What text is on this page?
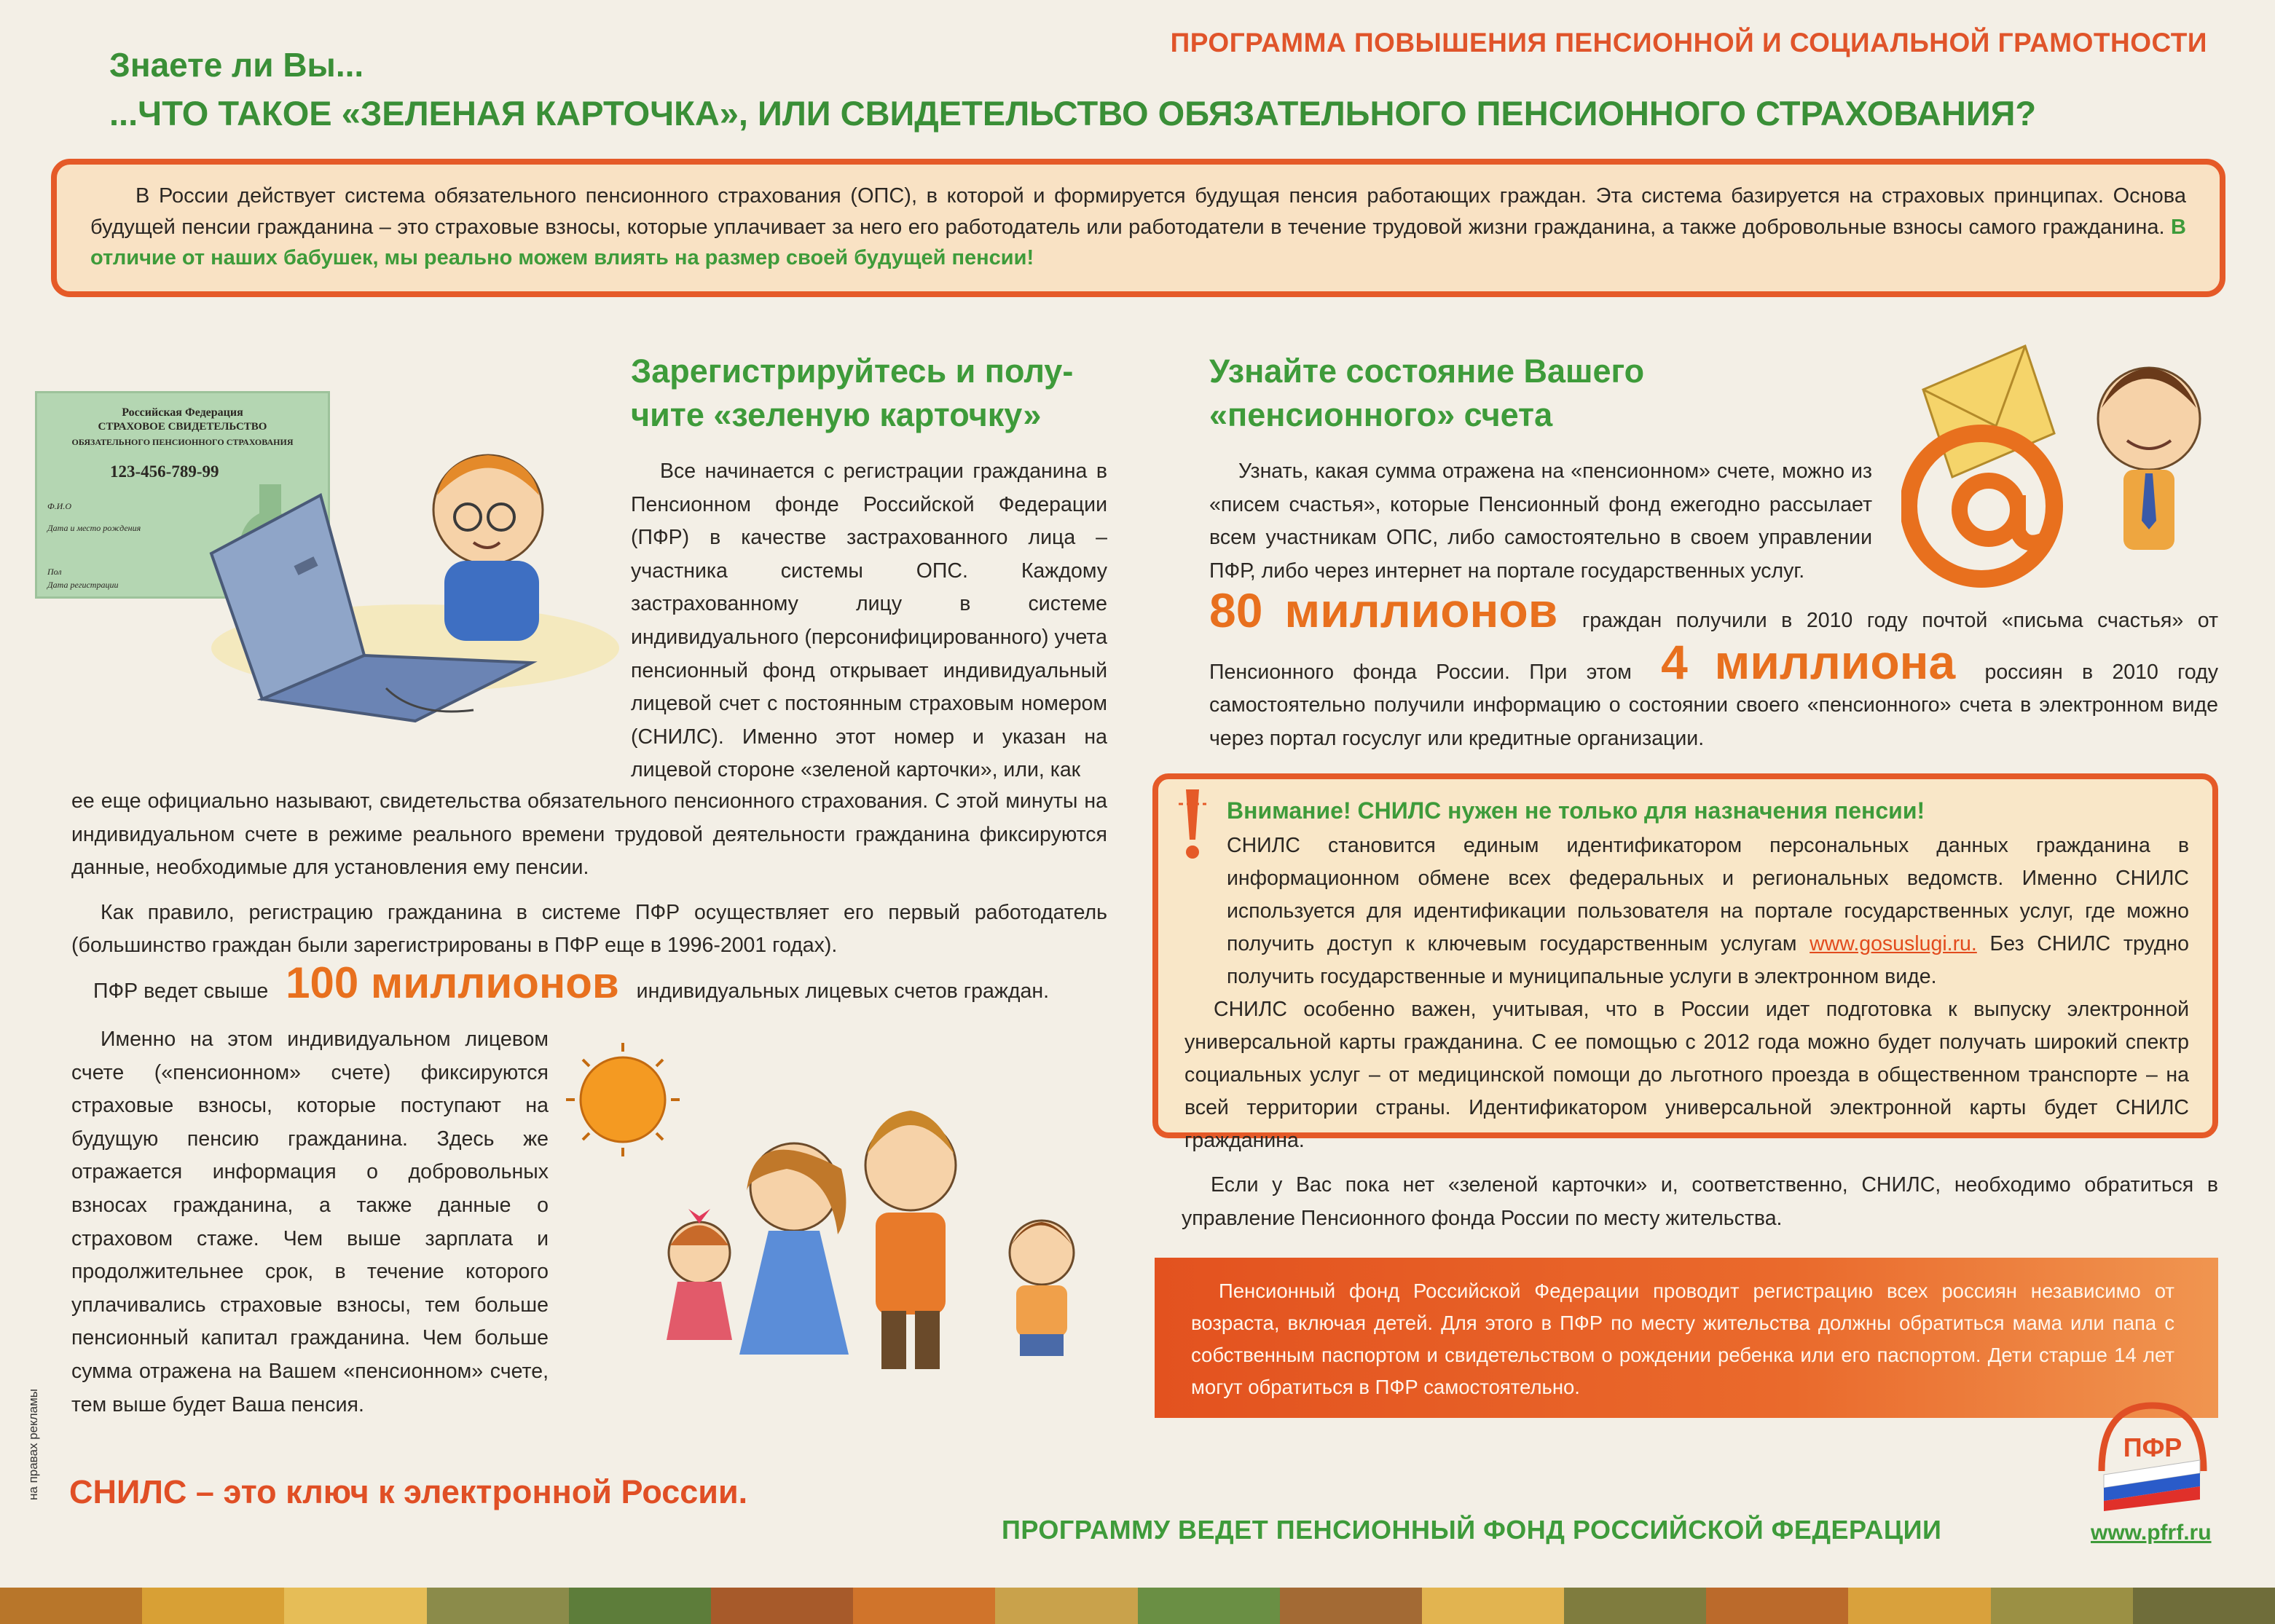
ПРОГРАММА ПОВЫШЕНИЯ ПЕНСИОННОЙ И СОЦИАЛЬНОЙ ГРАМОТНОСТИ
Знаете ли Вы...
...ЧТО ТАКОЕ «ЗЕЛЕНАЯ КАРТОЧКА», ИЛИ СВИДЕТЕЛЬСТВО ОБЯЗАТЕЛЬНОГО ПЕНСИОННОГО СТРАХОВАНИЯ?
В России действует система обязательного пенсионного страхования (ОПС), в которой и формируется будущая пенсия работающих граждан. Эта система базируется на страховых принципах. Основа будущей пенсии гражданина – это страховые взносы, которые уплачивает за него его работодатель или работодатели в течение трудовой жизни гражданина, а также добровольные взносы самого гражданина. В отличие от наших бабушек, мы реально можем влиять на размер своей будущей пенсии!
Российская Федерация
СТРАХОВОЕ СВИДЕТЕЛЬСТВО
ОБЯЗАТЕЛЬНОГО ПЕНСИОННОГО СТРАХОВАНИЯ
123-456-789-99
Ф.И.О
Дата и место рождения
Пол
Дата регистрации
Зарегистрируйтесь и полу-
чите «зеленую карточку»

Все начинается с регистрации гражданина в Пенсионном фонде Российской Федерации (ПФР) в качестве застрахованного лица – участника системы ОПС. Каждому застрахованному лицу в системе индивидуального (персонифицированного) учета пенсионный фонд открывает индивидуальный лицевой счет с постоянным страховым номером (СНИЛС). Именно этот номер и указан на лицевой стороне «зеленой карточки», или, как

ее еще официально называют, свидетельства обязательного пенсионного страхования. С этой минуты на индивидуальном счете в режиме реального времени трудовой деятельности гражданина фиксируются данные, необходимые для установления ему пенсии.

Как правило, регистрацию гражданина в системе ПФР осуществляет его первый работодатель (большинство граждан были зарегистрированы в ПФР еще в 1996-2001 годах).

ПФР ведет свыше 100 миллионов индивидуальных лицевых счетов граждан.

Именно на этом индивидуальном лицевом счете («пенсионном» счете) фиксируются страховые взносы, которые поступают на будущую пенсию гражданина. Здесь же отражается информация о добровольных взносах гражданина, а также данные о страховом стаже. Чем выше зарплата и продолжительнее срок, в течение которого уплачивались страховые взносы, тем больше пенсионный капитал гражданина. Чем больше сумма отражена на Вашем «пенсионном» счете, тем выше будет Ваша пенсия.

Узнайте состояние Вашего
«пенсионного» счета

Узнать, какая сумма отражена на «пенсионном» счете, можно из «писем счастья», которые Пенсионный фонд ежегодно рассылает всем участникам ОПС, либо самостоятельно в своем управлении ПФР, либо через интернет на портале государственных услуг.

80 миллионов граждан получили в 2010 году почтой «письма счастья» от Пенсионного фонда России. При этом 4 миллиона россиян в 2010 году самостоятельно получили информацию о состоянии своего «пенсионного» счета в электронном виде через портал госуслуг или кредитные организации.
Внимание! СНИЛС нужен не только для назначения пенсии!

СНИЛС становится единым идентификатором персональных данных гражданина в информационном обмене всех федеральных и региональных ведомств. Именно СНИЛС используется для идентификации пользователя на портале государственных услуг, где можно получить доступ к ключевым государственным услугам www.gosuslugi.ru. Без СНИЛС трудно получить государственные и муниципальные услуги в электронном виде.

СНИЛС особенно важен, учитывая, что в России идет подготовка к выпуску электронной универсальной карты гражданина. С ее помощью с 2012 года можно будет получать широкий спектр социальных услуг – от медицинской помощи до льготного проезда в общественном транспорте – на всей территории страны. Идентификатором универсальной электронной карты будет СНИЛС гражданина.

Если у Вас пока нет «зеленой карточки» и, соответственно, СНИЛС, необходимо обратиться в управление Пенсионного фонда России по месту жительства.

Пенсионный фонд Российской Федерации проводит регистрацию всех россиян независимо от возраста, включая детей. Для этого в ПФР по месту жительства должны обратиться мама или папа с собственным паспортом и свидетельством о рождении ребенка или его паспортом. Дети старше 14 лет могут обратиться в ПФР самостоятельно.
ПФР
СНИЛС – это ключ к электронной России.
ПРОГРАММУ ВЕДЕТ ПЕНСИОННЫЙ ФОНД РОССИЙСКОЙ ФЕДЕРАЦИИ	www.pfrf.ru
на правах рекламы
